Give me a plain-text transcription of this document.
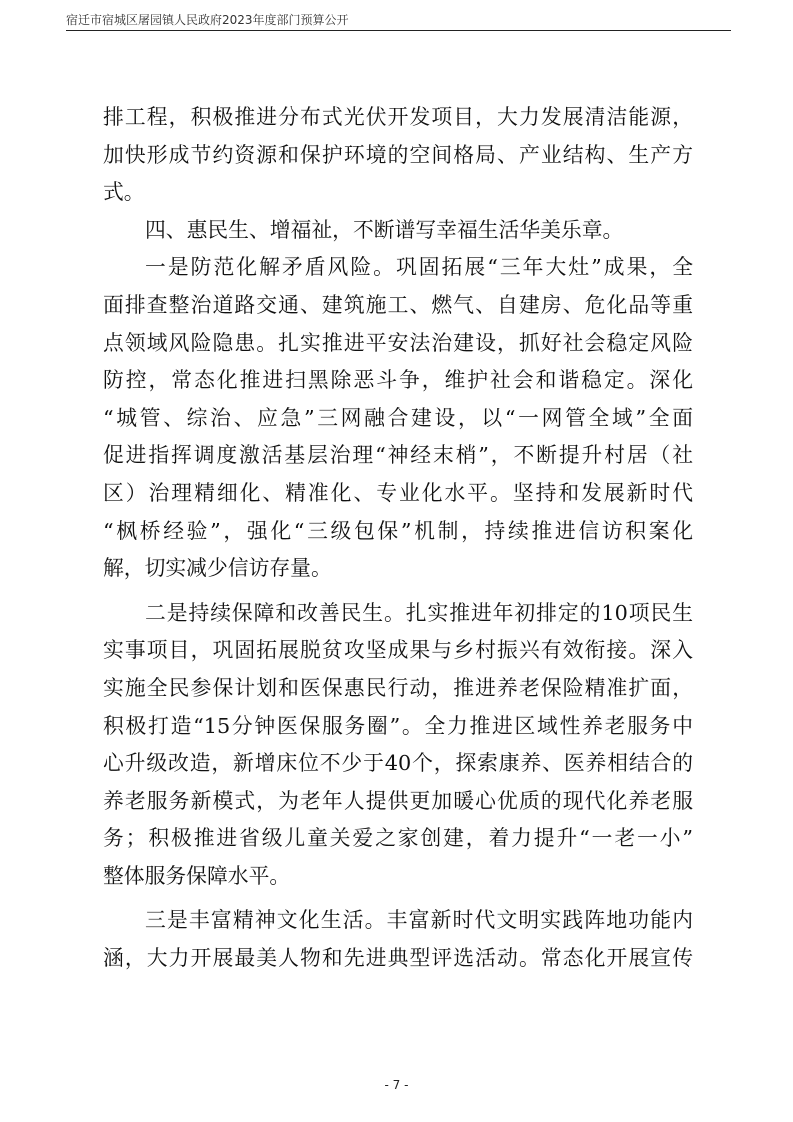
宿迁市宿城区屠园镇人民政府2023年度部门预算公开
排工程，积极推进分布式光伏开发项目，大力发展清洁能源，
加快形成节约资源和保护环境的空间格局、产业结构、生产方
式。
四、惠民生、增福祉，不断谱写幸福生活华美乐章。
一是防范化解矛盾风险。巩固拓展“三年大灶”成果，全
面排查整治道路交通、建筑施工、燃气、自建房、危化品等重
点领域风险隐患。扎实推进平安法治建设，抓好社会稳定风险
防控，常态化推进扫黑除恶斗争，维护社会和谐稳定。深化
“城管、综治、应急”三网融合建设，以“一网管全域”全面
促进指挥调度激活基层治理“神经末梢”，不断提升村居（社
区）治理精细化、精准化、专业化水平。坚持和发展新时代
“枫桥经验”，强化“三级包保”机制，持续推进信访积案化
解，切实减少信访存量。
二是持续保障和改善民生。扎实推进年初排定的10项民生
实事项目，巩固拓展脱贫攻坚成果与乡村振兴有效衔接。深入
实施全民参保计划和医保惠民行动，推进养老保险精准扩面，
积极打造“15分钟医保服务圈”。全力推进区域性养老服务中
心升级改造，新增床位不少于40个，探索康养、医养相结合的
养老服务新模式，为老年人提供更加暖心优质的现代化养老服
务；积极推进省级儿童关爱之家创建，着力提升“一老一小”
整体服务保障水平。
三是丰富精神文化生活。丰富新时代文明实践阵地功能内
涵，大力开展最美人物和先进典型评选活动。常态化开展宣传
- 7 -
